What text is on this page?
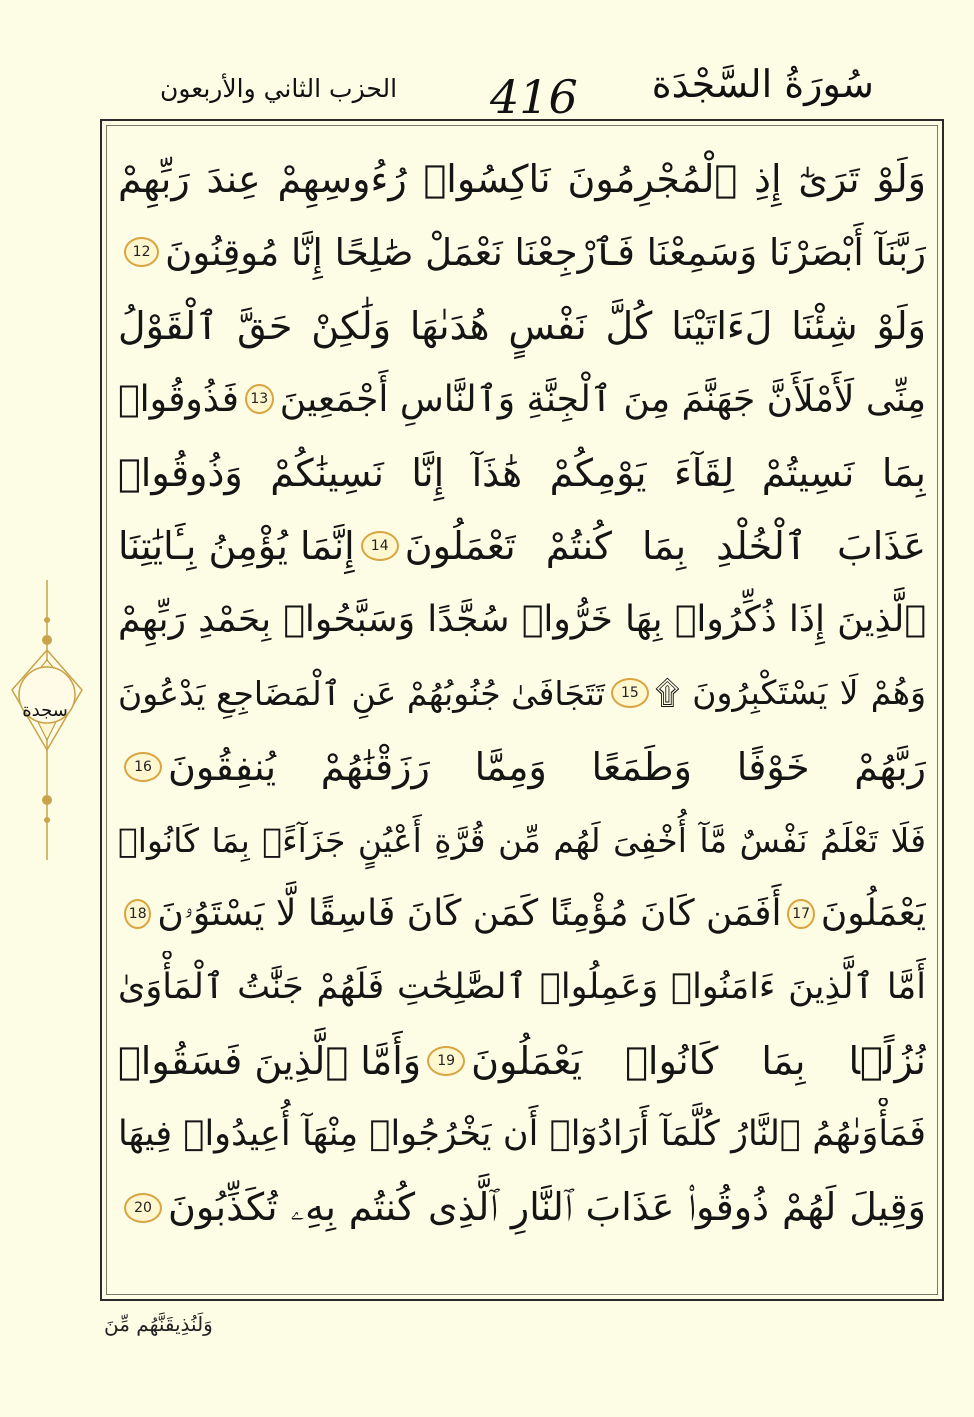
سُورَةُ السَّجْدَة
416
الحزب الثاني والأربعون
وَلَوْ تَرَىٰٓ إِذِ ٱلْمُجْرِمُونَ نَاكِسُوا۟ رُءُوسِهِمْ عِندَ رَبِّهِمْ
رَبَّنَآ أَبْصَرْنَا وَسَمِعْنَا فَٱرْجِعْنَا نَعْمَلْ صَٰلِحًا إِنَّا مُوقِنُونَ
12
وَلَوْ شِئْنَا لَءَاتَيْنَا كُلَّ نَفْسٍ هُدَىٰهَا وَلَٰكِنْ حَقَّ ٱلْقَوْلُ
مِنِّى لَأَمْلَأَنَّ جَهَنَّمَ مِنَ ٱلْجِنَّةِ وَٱلنَّاسِ أَجْمَعِينَ
13
فَذُوقُوا۟
بِمَا نَسِيتُمْ لِقَآءَ يَوْمِكُمْ هَٰذَآ إِنَّا نَسِينَٰكُمْ وَذُوقُوا۟
عَذَابَ ٱلْخُلْدِ بِمَا كُنتُمْ تَعْمَلُونَ
14
إِنَّمَا يُؤْمِنُ بِـَٔايَٰتِنَا
ٱلَّذِينَ إِذَا ذُكِّرُوا۟ بِهَا خَرُّوا۟ سُجَّدًا وَسَبَّحُوا۟ بِحَمْدِ رَبِّهِمْ
وَهُمْ لَا يَسْتَكْبِرُونَ ۩
15
تَتَجَافَىٰ جُنُوبُهُمْ عَنِ ٱلْمَضَاجِعِ يَدْعُونَ
رَبَّهُمْ خَوْفًا وَطَمَعًا وَمِمَّا رَزَقْنَٰهُمْ يُنفِقُونَ
16
فَلَا تَعْلَمُ نَفْسٌ مَّآ أُخْفِىَ لَهُم مِّن قُرَّةِ أَعْيُنٍ جَزَآءًۢ بِمَا كَانُوا۟
يَعْمَلُونَ
17
أَفَمَن كَانَ مُؤْمِنًا كَمَن كَانَ فَاسِقًا لَّا يَسْتَوُۥنَ
18
أَمَّا ٱلَّذِينَ ءَامَنُوا۟ وَعَمِلُوا۟ ٱلصَّٰلِحَٰتِ فَلَهُمْ جَنَّٰتُ ٱلْمَأْوَىٰ
نُزُلًۢا بِمَا كَانُوا۟ يَعْمَلُونَ
19
وَأَمَّا ٱلَّذِينَ فَسَقُوا۟
فَمَأْوَىٰهُمُ ٱلنَّارُ كُلَّمَآ أَرَادُوٓا۟ أَن يَخْرُجُوا۟ مِنْهَآ أُعِيدُوا۟ فِيهَا
وَقِيلَ لَهُمْ ذُوقُوا۟ عَذَابَ ٱلنَّارِ ٱلَّذِى كُنتُم بِهِۦ تُكَذِّبُونَ
20
سجدة
وَلَنُذِيقَنَّهُم مِّنَ
